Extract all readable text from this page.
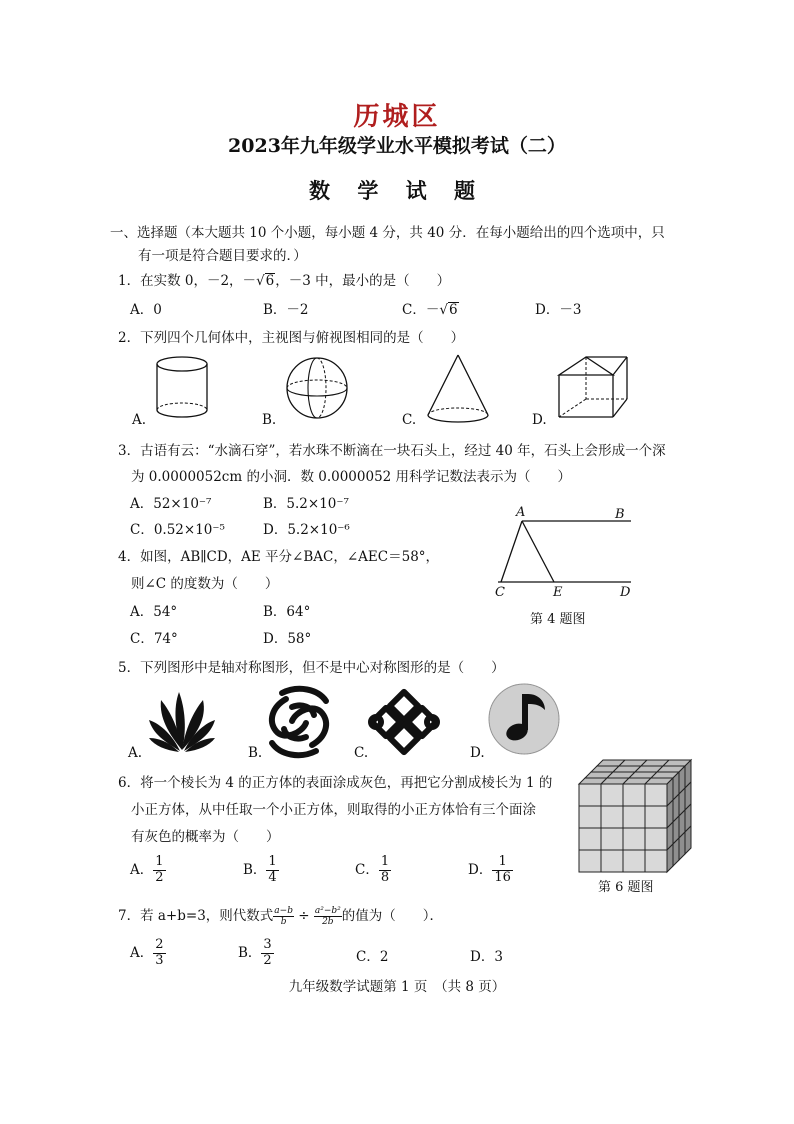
历城区
2023年九年级学业水平模拟考试（二）
数 学 试 题
一、选择题（本大题共 10 个小题，每小题 4 分，共 40 分．在每小题给出的四个选项中，只
有一项是符合题目要求的．）
1．在实数 0，－2，－√6，－3 中，最小的是（　　）
A．0	B．－2	C．－√6	D．－3
2．下列四个几何体中，主视图与俯视图相同的是（　　）
A.	B.	C.	D.
3．古语有云：“水滴石穿”，若水珠不断滴在一块石头上，经过 40 年，石头上会形成一个深
为 0.0000052cm 的小洞．数 0.0000052 用科学记数法表示为（　　）
A．52×10⁻⁷	B．5.2×10⁻⁷
C．0.52×10⁻⁵	D．5.2×10⁻⁶
A	B
C	E	D
第 4 题图
4．如图，AB∥CD，AE 平分∠BAC，∠AEC＝58°，
则∠C 的度数为（　　）
A．54°	B．64°
C．74°	D．58°
5．下列图形中是轴对称图形，但不是中心对称图形的是（　　）
A.	B.	C.	D.
6．将一个棱长为 4 的正方体的表面涂成灰色，再把它分割成棱长为 1 的
小正方体，从中任取一个小正方体，则取得的小正方体恰有三个面涂
有灰色的概率为（　　）
A． $\frac{1}{2}$	B． $\frac{1}{4}$	C． $\frac{1}{8}$	D． $\frac{1}{16}$
第 6 题图
7．若 a+b=3，则代数式 $\frac{a-b}{b} \div \frac{\text{a²−b²}}{2b}$ 的值为（　　）．
A． $\frac{2}{3}$	B． $\frac{3}{2}$	C．2	D．3
九年级数学试题第 1 页　（共 8 页）
